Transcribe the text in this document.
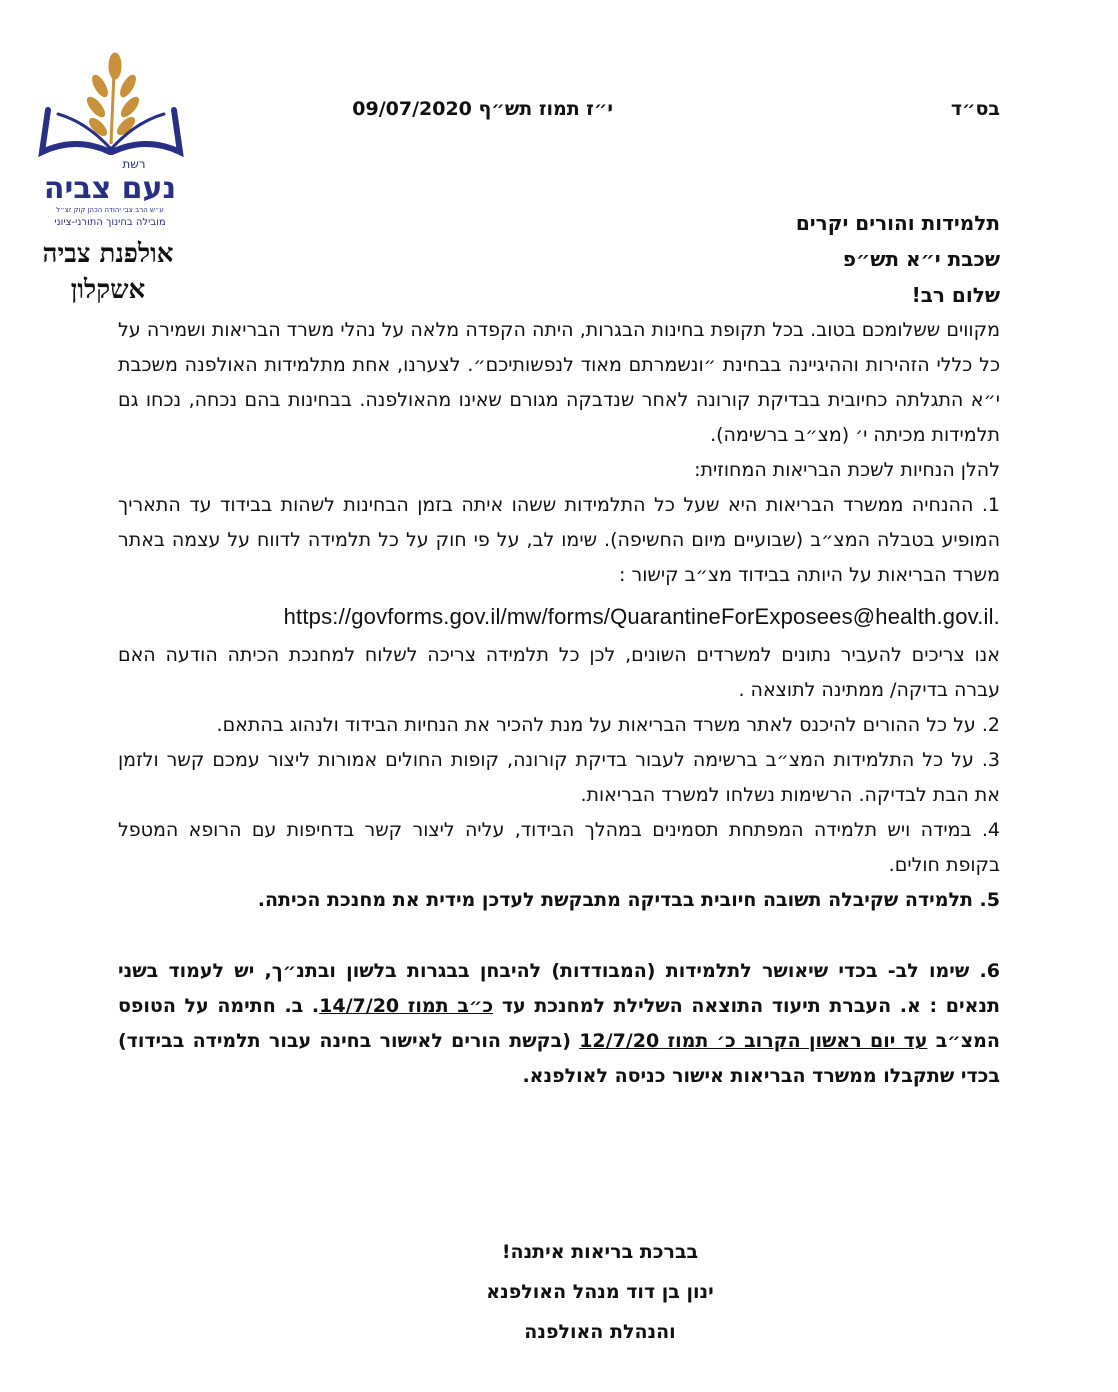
בס״ד
י״ז תמוז תש״ף 09/07/2020
רשת
נעם צביה
ע״ש הרב צבי יהודה הכהן קוק זצ״ל
מובילה בחינוך התורני-ציוני
אולפנת צביה
אשקלון

תלמידות והורים יקרים

שכבת י״א תש״פ

שלום רב!

מקווים ששלומכם בטוב. בכל תקופת בחינות הבגרות, היתה הקפדה מלאה על נהלי משרד הבריאות ושמירה על כל כללי הזהירות וההיגיינה בבחינת ״ונשמרתם מאוד לנפשותיכם״. לצערנו, אחת מתלמידות האולפנה משכבת י״א התגלתה כחיובית בבדיקת קורונה לאחר שנדבקה מגורם שאינו מהאולפנה. בבחינות בהם נכחה, נכחו גם תלמידות מכיתה י׳ (מצ״ב ברשימה).

להלן הנחיות לשכת הבריאות המחוזית:

1. ההנחיה ממשרד הבריאות היא שעל כל התלמידות ששהו איתה בזמן הבחינות לשהות בבידוד עד התאריך המופיע בטבלה המצ״ב (שבועיים מיום החשיפה). שימו לב, על פי חוק על כל תלמידה לדווח על עצמה באתר משרד הבריאות על היותה בבידוד מצ״ב קישור :

https://govforms.gov.il/mw/forms/QuarantineForExposees@health.gov.il.

אנו צריכים להעביר נתונים למשרדים השונים, לכן כל תלמידה צריכה לשלוח למחנכת הכיתה הודעה האם עברה בדיקה/ ממתינה לתוצאה .

2. על כל ההורים להיכנס לאתר משרד הבריאות על מנת להכיר את הנחיות הבידוד ולנהוג בהתאם.

3. על כל התלמידות המצ״ב ברשימה לעבור בדיקת קורונה, קופות החולים אמורות ליצור עמכם קשר ולזמן את הבת לבדיקה. הרשימות נשלחו למשרד הבריאות.

4. במידה ויש תלמידה המפתחת תסמינים במהלך הבידוד, עליה ליצור קשר בדחיפות עם הרופא המטפל בקופת חולים.

5. תלמידה שקיבלה תשובה חיובית בבדיקה מתבקשת לעדכן מידית את מחנכת הכיתה.

6. שימו לב- בכדי שיאושר לתלמידות (המבודדות) להיבחן בבגרות בלשון ובתנ״ך, יש לעמוד בשני תנאים : א. העברת תיעוד התוצאה השלילת למחנכת עד כ״ב תמוז 14/7/20. ב. חתימה על הטופס המצ״ב עד יום ראשון הקרוב כ׳ תמוז 12/7/20 (בקשת הורים לאישור בחינה עבור תלמידה בבידוד) בכדי שתקבלו ממשרד הבריאות אישור כניסה לאולפנא.

בברכת בריאות איתנה!
ינון בן דוד מנהל האולפנא
והנהלת האולפנה
